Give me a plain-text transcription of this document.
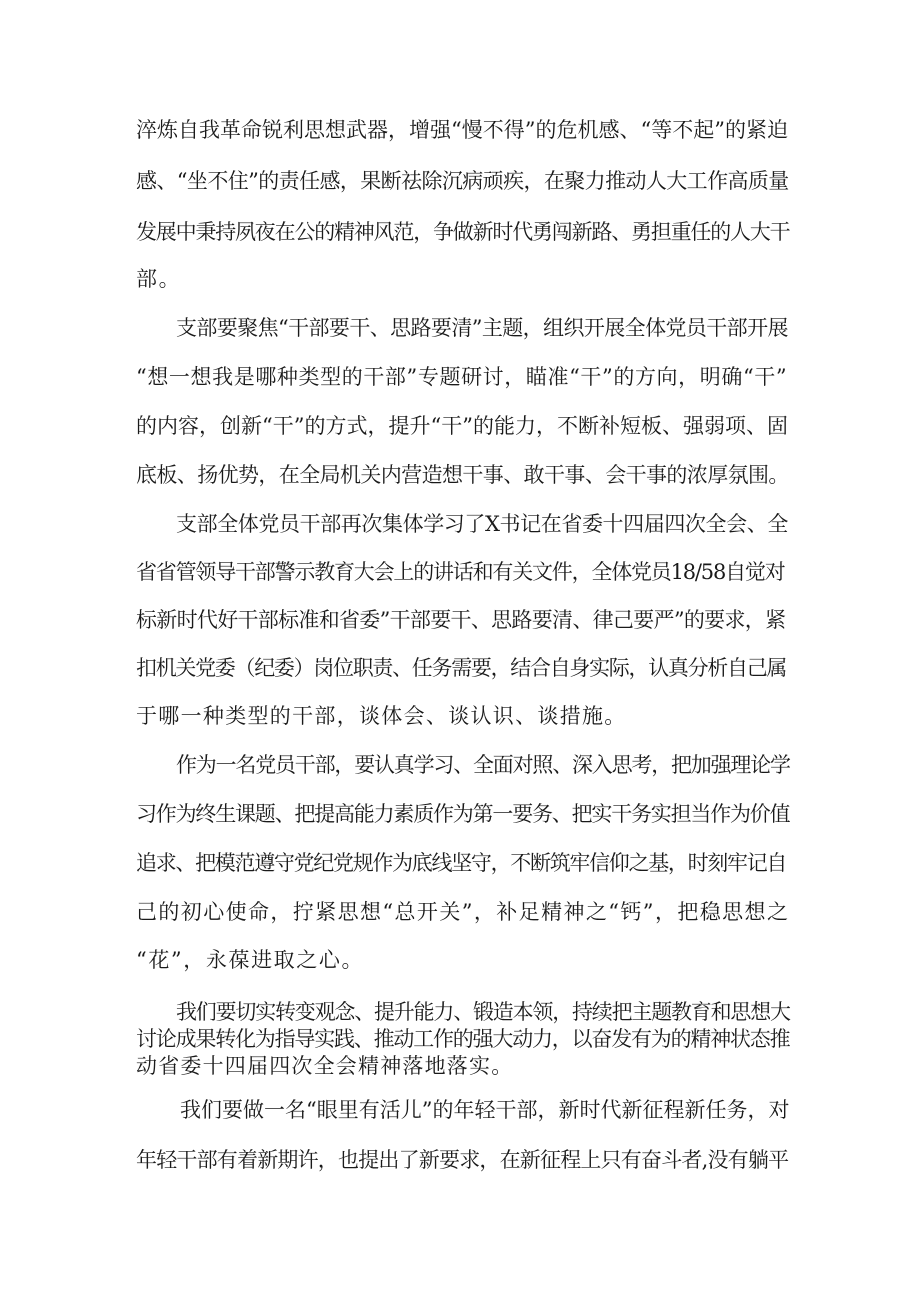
淬炼自我革命锐利思想武器，增强“慢不得”的危机感、“等不起”的紧迫
感、“坐不住”的责任感，果断祛除沉病顽疾，在聚力推动人大工作高质量
发展中秉持夙夜在公的精神风范，争做新时代勇闯新路、勇担重任的人大干
部。
支部要聚焦“干部要干、思路要清”主题，组织开展全体党员干部开展
“想一想我是哪种类型的干部”专题研讨，瞄准“干”的方向，明确“干”
的内容，创新“干”的方式，提升“干”的能力，不断补短板、强弱项、固
底板、扬优势，在全局机关内营造想干事、敢干事、会干事的浓厚氛围。
支部全体党员干部再次集体学习了X书记在省委十四届四次全会、全
省省管领导干部警示教育大会上的讲话和有关文件，全体党员18/58自觉对
标新时代好干部标准和省委”干部要干、思路要清、律己要严”的要求，紧
扣机关党委（纪委）岗位职责、任务需要，结合自身实际，认真分析自己属
于哪一种类型的干部，谈体会、谈认识、谈措施。
作为一名党员干部，要认真学习、全面对照、深入思考，把加强理论学
习作为终生课题、把提高能力素质作为第一要务、把实干务实担当作为价值
追求、把模范遵守党纪党规作为底线坚守，不断筑牢信仰之基，时刻牢记自
己的初心使命，拧紧思想“总开关”，补足精神之“钙”，把稳思想之
“花”，永葆进取之心。
我们要切实转变观念、提升能力、锻造本领，持续把主题教育和思想大
讨论成果转化为指导实践、推动工作的强大动力，以奋发有为的精神状态推
动省委十四届四次全会精神落地落实。
我们要做一名“眼里有活儿”的年轻干部，新时代新征程新任务，对
年轻干部有着新期许，也提出了新要求，在新征程上只有奋斗者,没有躺平
